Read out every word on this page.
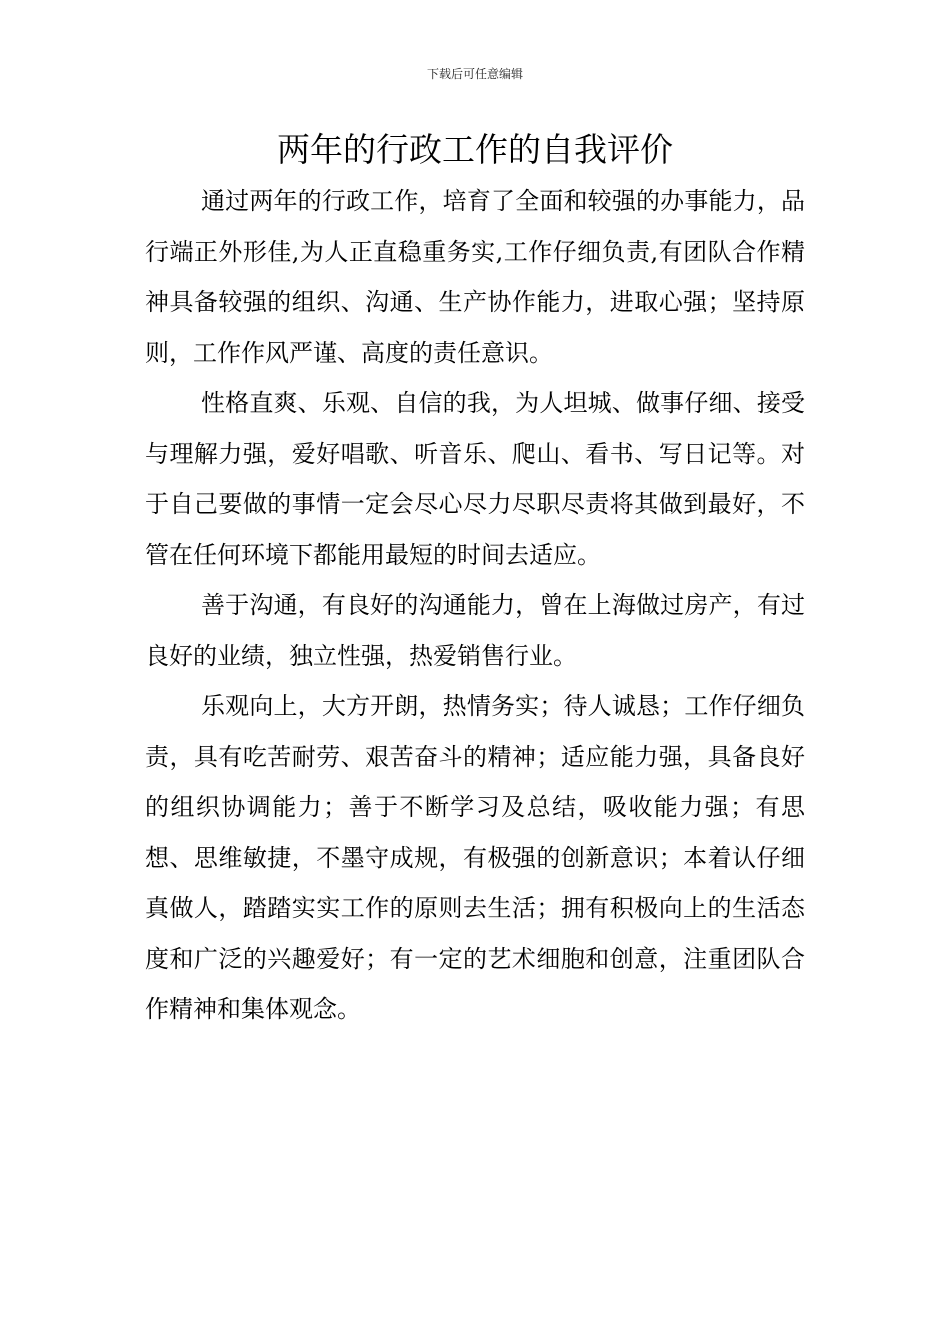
下载后可任意编辑
两年的行政工作的自我评价

通过两年的行政工作，培育了全面和较强的办事能力，品行端正外形佳,为人正直稳重务实,工作仔细负责,有团队合作精神具备较强的组织、沟通、生产协作能力，进取心强；坚持原则，工作作风严谨、高度的责任意识。

性格直爽、乐观、自信的我，为人坦城、做事仔细、接受与理解力强，爱好唱歌、听音乐、爬山、看书、写日记等。对于自己要做的事情一定会尽心尽力尽职尽责将其做到最好，不管在任何环境下都能用最短的时间去适应。

善于沟通，有良好的沟通能力，曾在上海做过房产，有过良好的业绩，独立性强，热爱销售行业。

乐观向上，大方开朗，热情务实；待人诚恳；工作仔细负责，具有吃苦耐劳、艰苦奋斗的精神；适应能力强，具备良好的组织协调能力；善于不断学习及总结，吸收能力强；有思想、思维敏捷，不墨守成规，有极强的创新意识；本着认仔细真做人，踏踏实实工作的原则去生活；拥有积极向上的生活态度和广泛的兴趣爱好；有一定的艺术细胞和创意，注重团队合作精神和集体观念。
